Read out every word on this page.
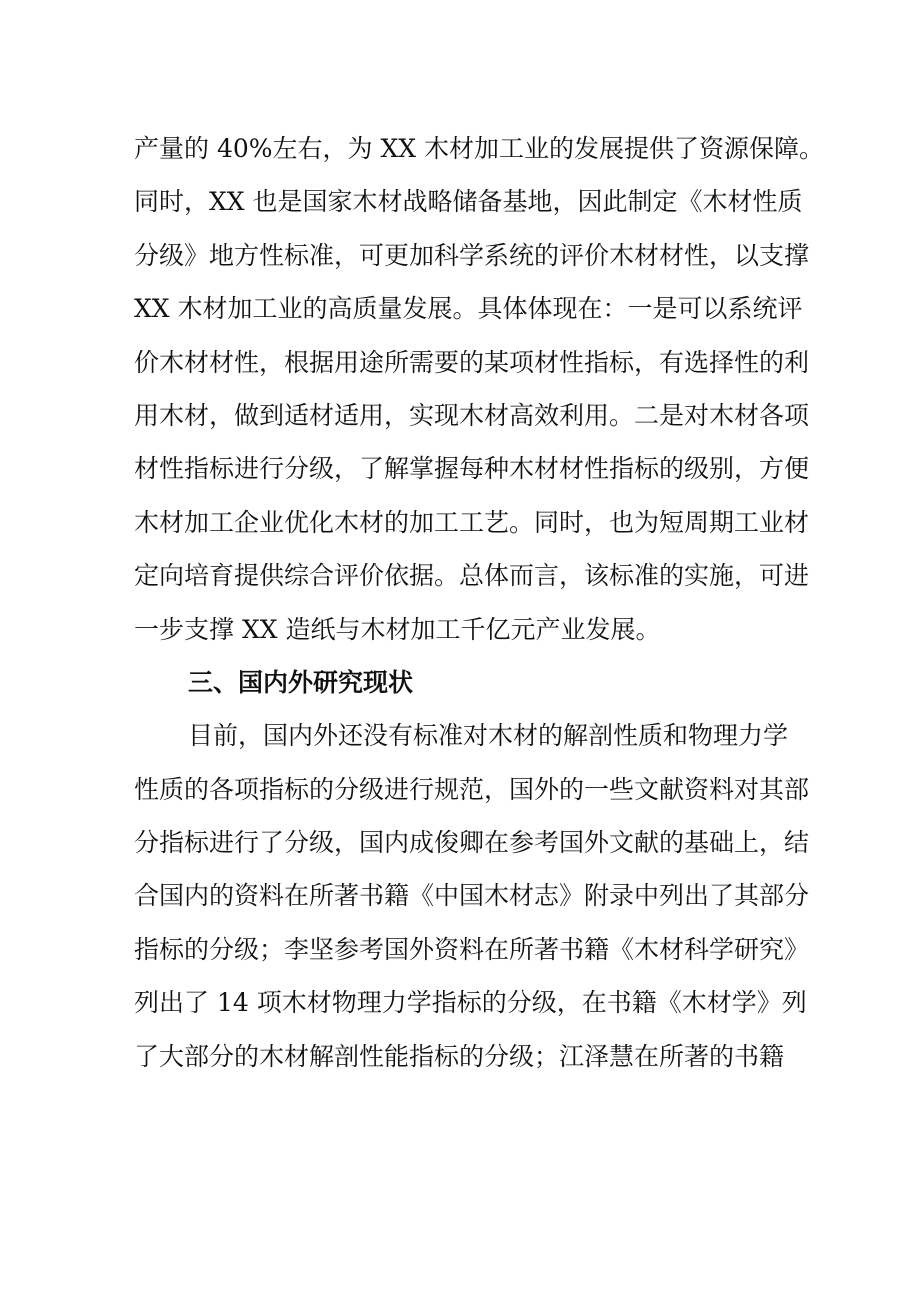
产量的 40%左右，为 XX 木材加工业的发展提供了资源保障。
同时，XX 也是国家木材战略储备基地，因此制定《木材性质
分级》地方性标准，可更加科学系统的评价木材材性，以支撑
XX 木材加工业的高质量发展。具体体现在：一是可以系统评
价木材材性，根据用途所需要的某项材性指标，有选择性的利
用木材，做到适材适用，实现木材高效利用。二是对木材各项
材性指标进行分级，了解掌握每种木材材性指标的级别，方便
木材加工企业优化木材的加工工艺。同时，也为短周期工业材
定向培育提供综合评价依据。总体而言，该标准的实施，可进
一步支撑 XX 造纸与木材加工千亿元产业发展。
三、国内外研究现状
目前，国内外还没有标准对木材的解剖性质和物理力学
性质的各项指标的分级进行规范，国外的一些文献资料对其部
分指标进行了分级，国内成俊卿在参考国外文献的基础上，结
合国内的资料在所著书籍《中国木材志》附录中列出了其部分
指标的分级；李坚参考国外资料在所著书籍《木材科学研究》
列出了 14 项木材物理力学指标的分级，在书籍《木材学》列
了大部分的木材解剖性能指标的分级；江泽慧在所著的书籍
